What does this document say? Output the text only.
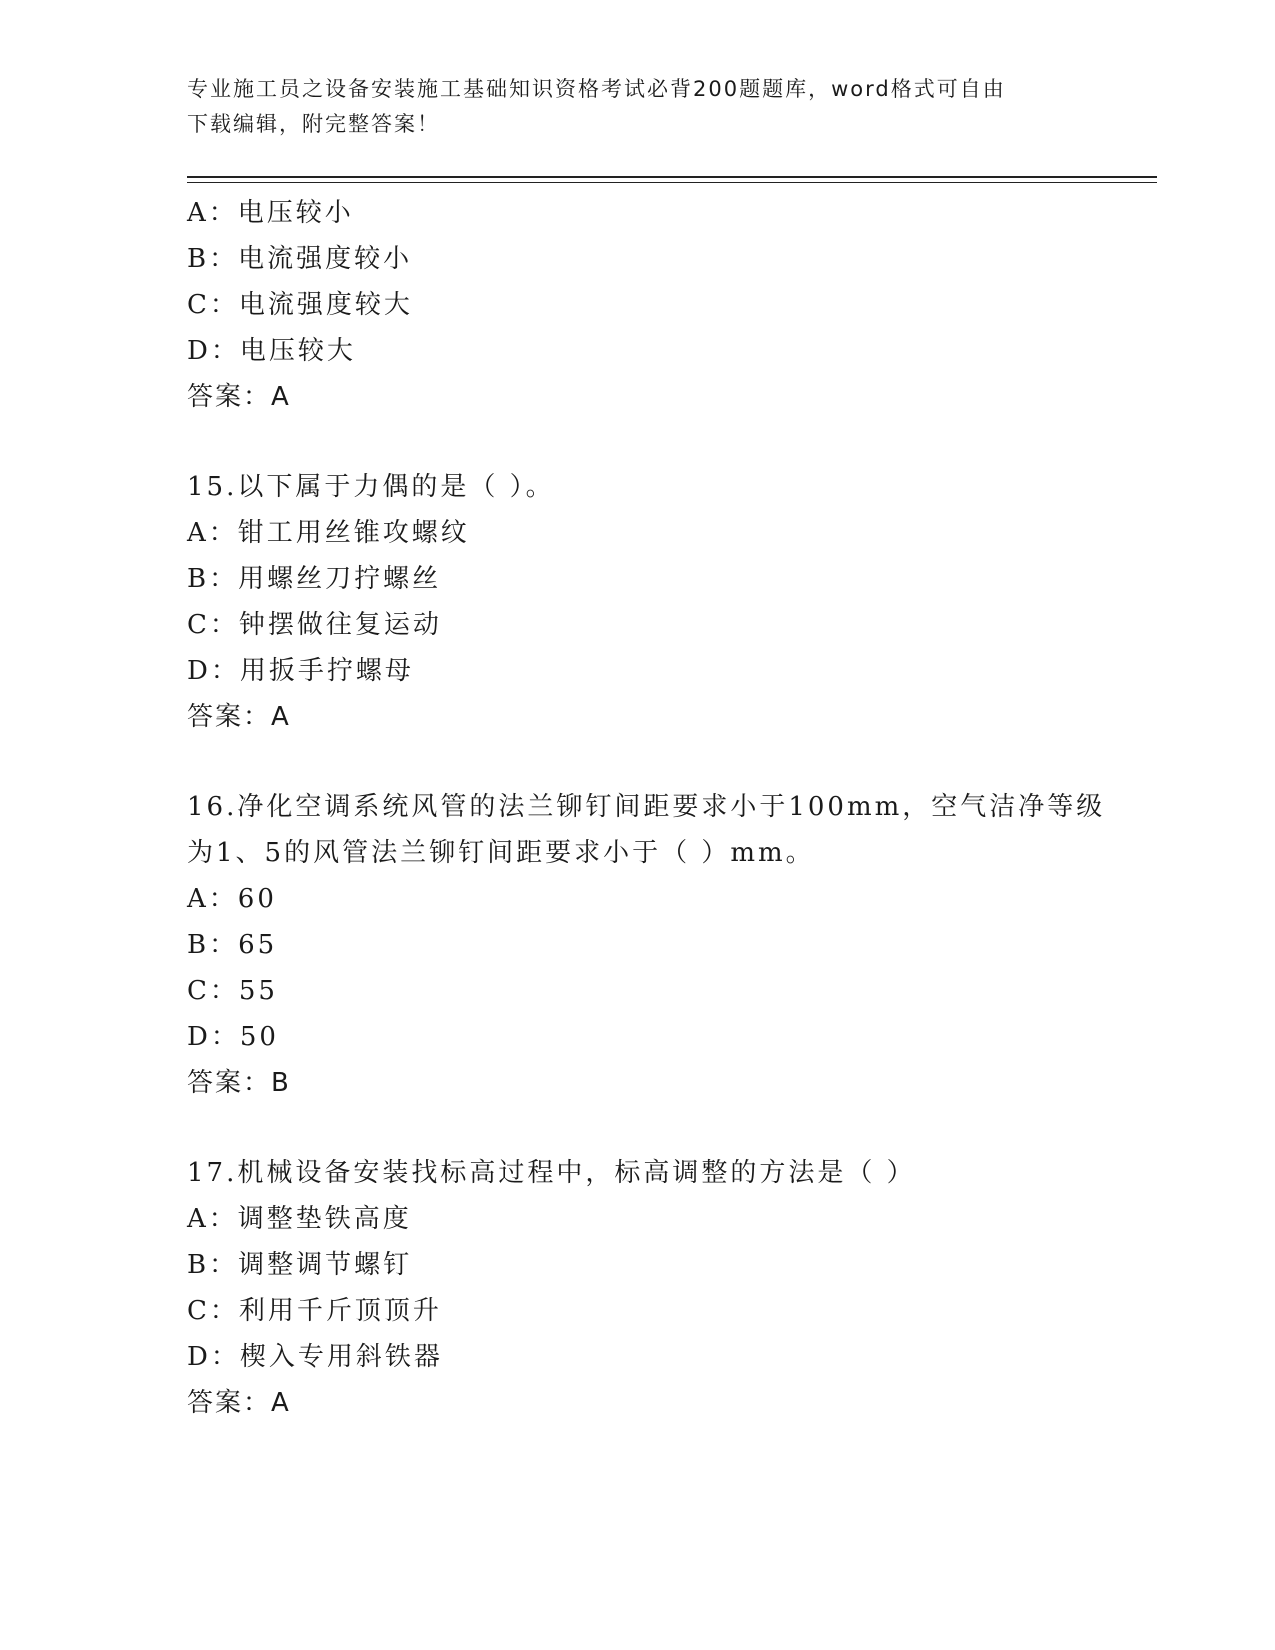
专业施工员之设备安装施工基础知识资格考试必背200题题库，word格式可自由
下载编辑，附完整答案！
A：电压较小
B：电流强度较小
C：电流强度较大
D：电压较大
答案：A
15.以下属于力偶的是（ ）。
A：钳工用丝锥攻螺纹
B：用螺丝刀拧螺丝
C：钟摆做往复运动
D：用扳手拧螺母
答案：A
16.净化空调系统风管的法兰铆钉间距要求小于100mm，空气洁净等级
为1、5的风管法兰铆钉间距要求小于（ ）mm。
A：60
B：65
C：55
D：50
答案：B
17.机械设备安装找标高过程中，标高调整的方法是（ ）
A：调整垫铁高度
B：调整调节螺钉
C：利用千斤顶顶升
D：楔入专用斜铁器
答案：A
